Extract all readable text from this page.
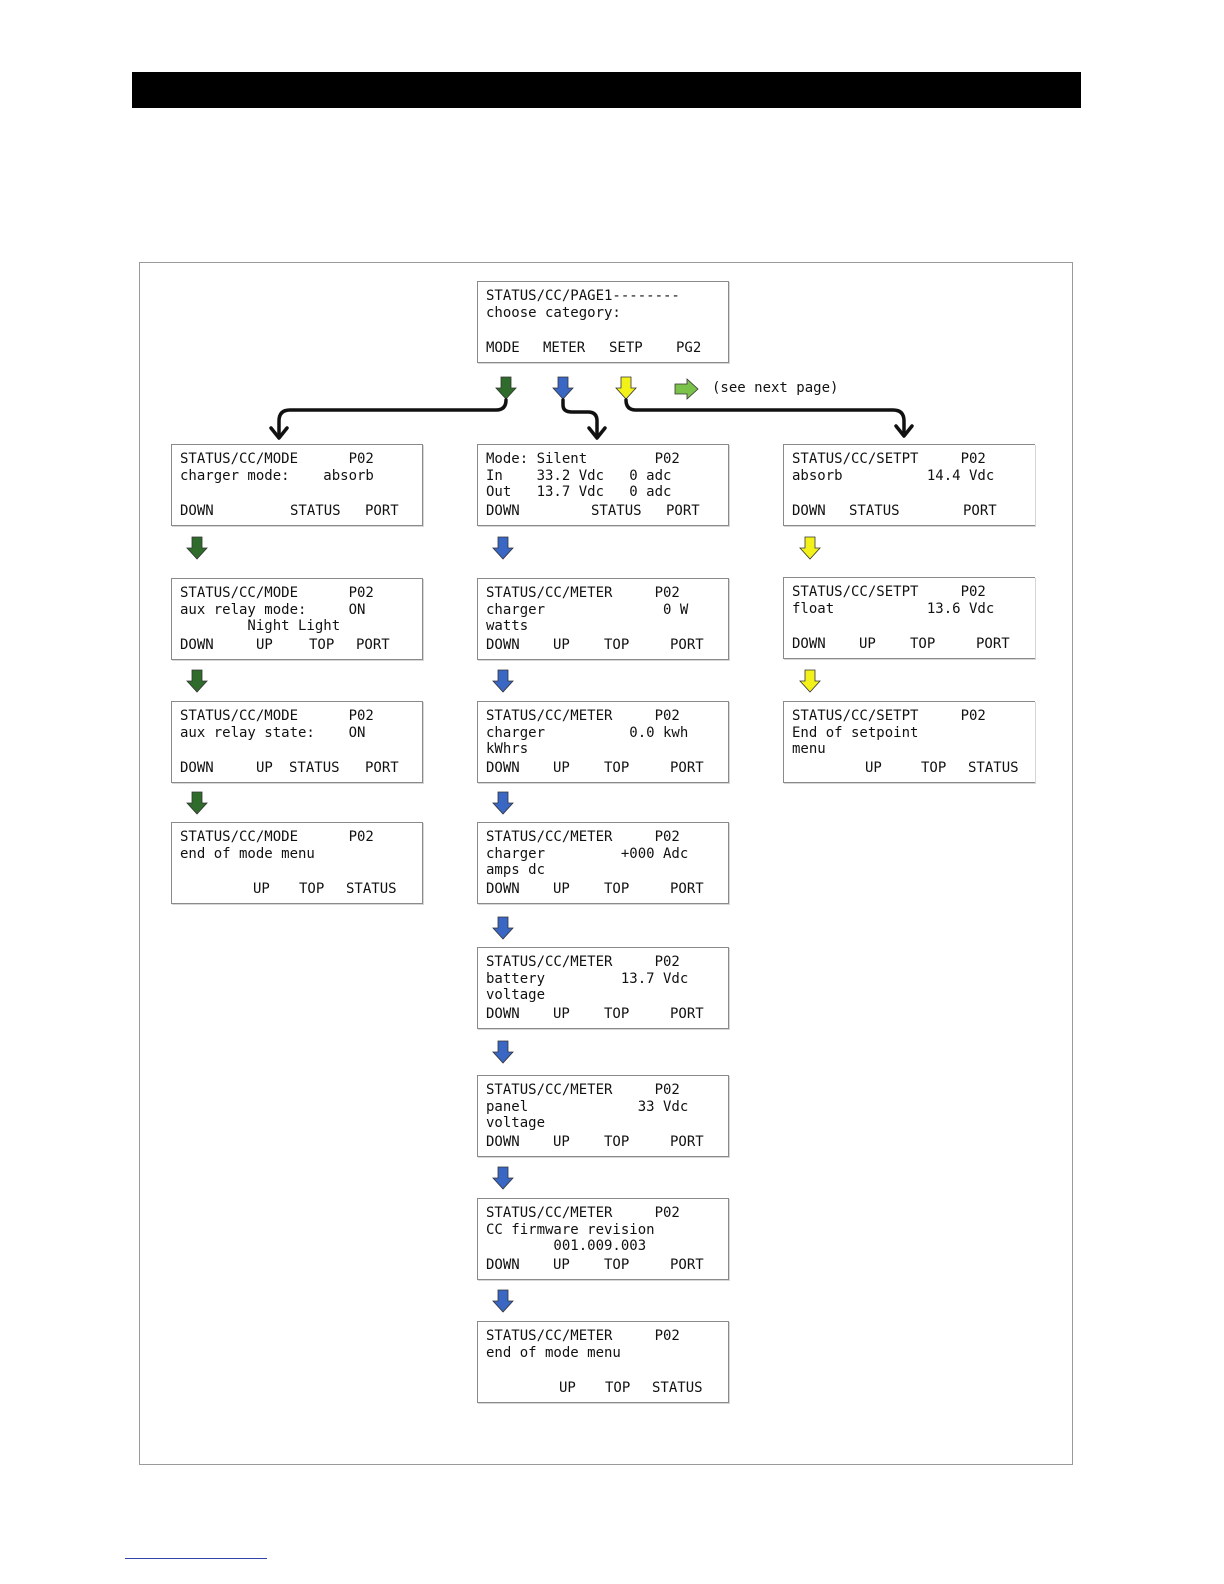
STATUS/CC/PAGE1--------
choose category:
MODE METER SETP PG2
STATUS/CC/MODE      P02
charger mode:    absorb
DOWN	STATUS PORT
STATUS/CC/MODE      P02
aux relay mode:     ON
Night Light
DOWN	UP	TOP PORT
STATUS/CC/MODE      P02
aux relay state:    ON
DOWN	UP STATUS PORT
STATUS/CC/MODE      P02
end of mode menu
UP TOP STATUS
Mode: Silent        P02
In    33.2 Vdc   0 adc
Out   13.7 Vdc   0 adc
DOWN	STATUS PORT
STATUS/CC/METER     P02
charger              0 W
watts
DOWN UP TOP	PORT
STATUS/CC/METER     P02
charger          0.0 kwh
kWhrs
DOWN UP TOP	PORT
STATUS/CC/METER     P02
charger         +000 Adc
amps dc
DOWN UP TOP	PORT
STATUS/CC/METER     P02
battery         13.7 Vdc
voltage
DOWN UP TOP	PORT
STATUS/CC/METER     P02
panel             33 Vdc
voltage
DOWN UP TOP	PORT
STATUS/CC/METER     P02
CC firmware revision
001.009.003
DOWN UP TOP	PORT
STATUS/CC/METER     P02
end of mode menu
UP TOP STATUS
STATUS/CC/SETPT     P02
absorb          14.4 Vdc
DOWN STATUS	PORT
STATUS/CC/SETPT     P02
float           13.6 Vdc
DOWN UP TOP	PORT
STATUS/CC/SETPT     P02
End of setpoint
menu
UP	TOP STATUS
(see next page)
